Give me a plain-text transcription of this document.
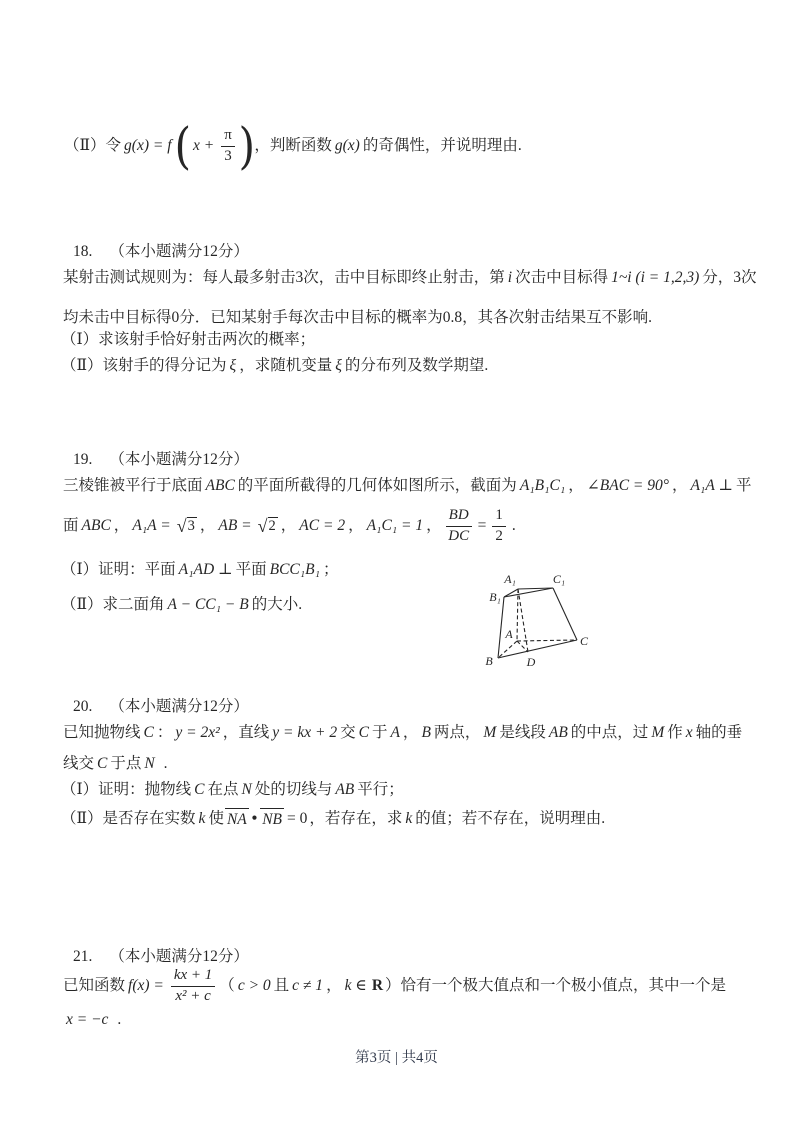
（Ⅱ）令 g(x) = f ( $x + \frac{\pi}{3}$ ) ，判断函数 g(x) 的奇偶性，并说明理由.
18. （本小题满分12分）
某射击测试规则为：每人最多射击3次，击中目标即终止射击，第 i 次击中目标得 1~i (i = 1,2,3) 分，3次
均未击中目标得0分．已知某射手每次击中目标的概率为0.8，其各次射击结果互不影响.
（Ⅰ）求该射手恰好射击两次的概率；
（Ⅱ）该射手的得分记为 ξ ，求随机变量 ξ 的分布列及数学期望.
19. （本小题满分12分）
三棱锥被平行于底面 ABC 的平面所截得的几何体如图所示，截面为 A₁B₁C₁ ， ∠BAC = 90° ， A₁A ⊥ 平
面 ABC ， A₁A = √ 3 ， AB = √ 2 ， AC = 2 ， A₁C₁ = 1 ， $\frac{BD}{DC} = \frac{1}{2}$ .
（Ⅰ）证明：平面 A₁AD ⊥ 平面 BCC₁B₁ ；
（Ⅱ）求二面角 A − CC₁ − B 的大小.
A₁	C₁
B₁
A	C
B	D
20. （本小题满分12分）
已知抛物线 C ： y = 2x² ，直线 y = kx + 2 交 C 于 A ， B 两点， M 是线段 AB 的中点，过 M 作 x 轴的垂
线交 C 于点 N .
（Ⅰ）证明：抛物线 C 在点 N 处的切线与 AB 平行；
（Ⅱ）是否存在实数 k 使 NA • NB = 0 ，若存在，求 k 的值；若不存在，说明理由.
21. （本小题满分12分）
已知函数 $f(x) = \frac{kx + 1}{\text{x² + c}}$ （ c > 0 且 c ≠ 1 ， k ∈ R ）恰有一个极大值点和一个极小值点，其中一个是
x = −c .
第3页 | 共4页
